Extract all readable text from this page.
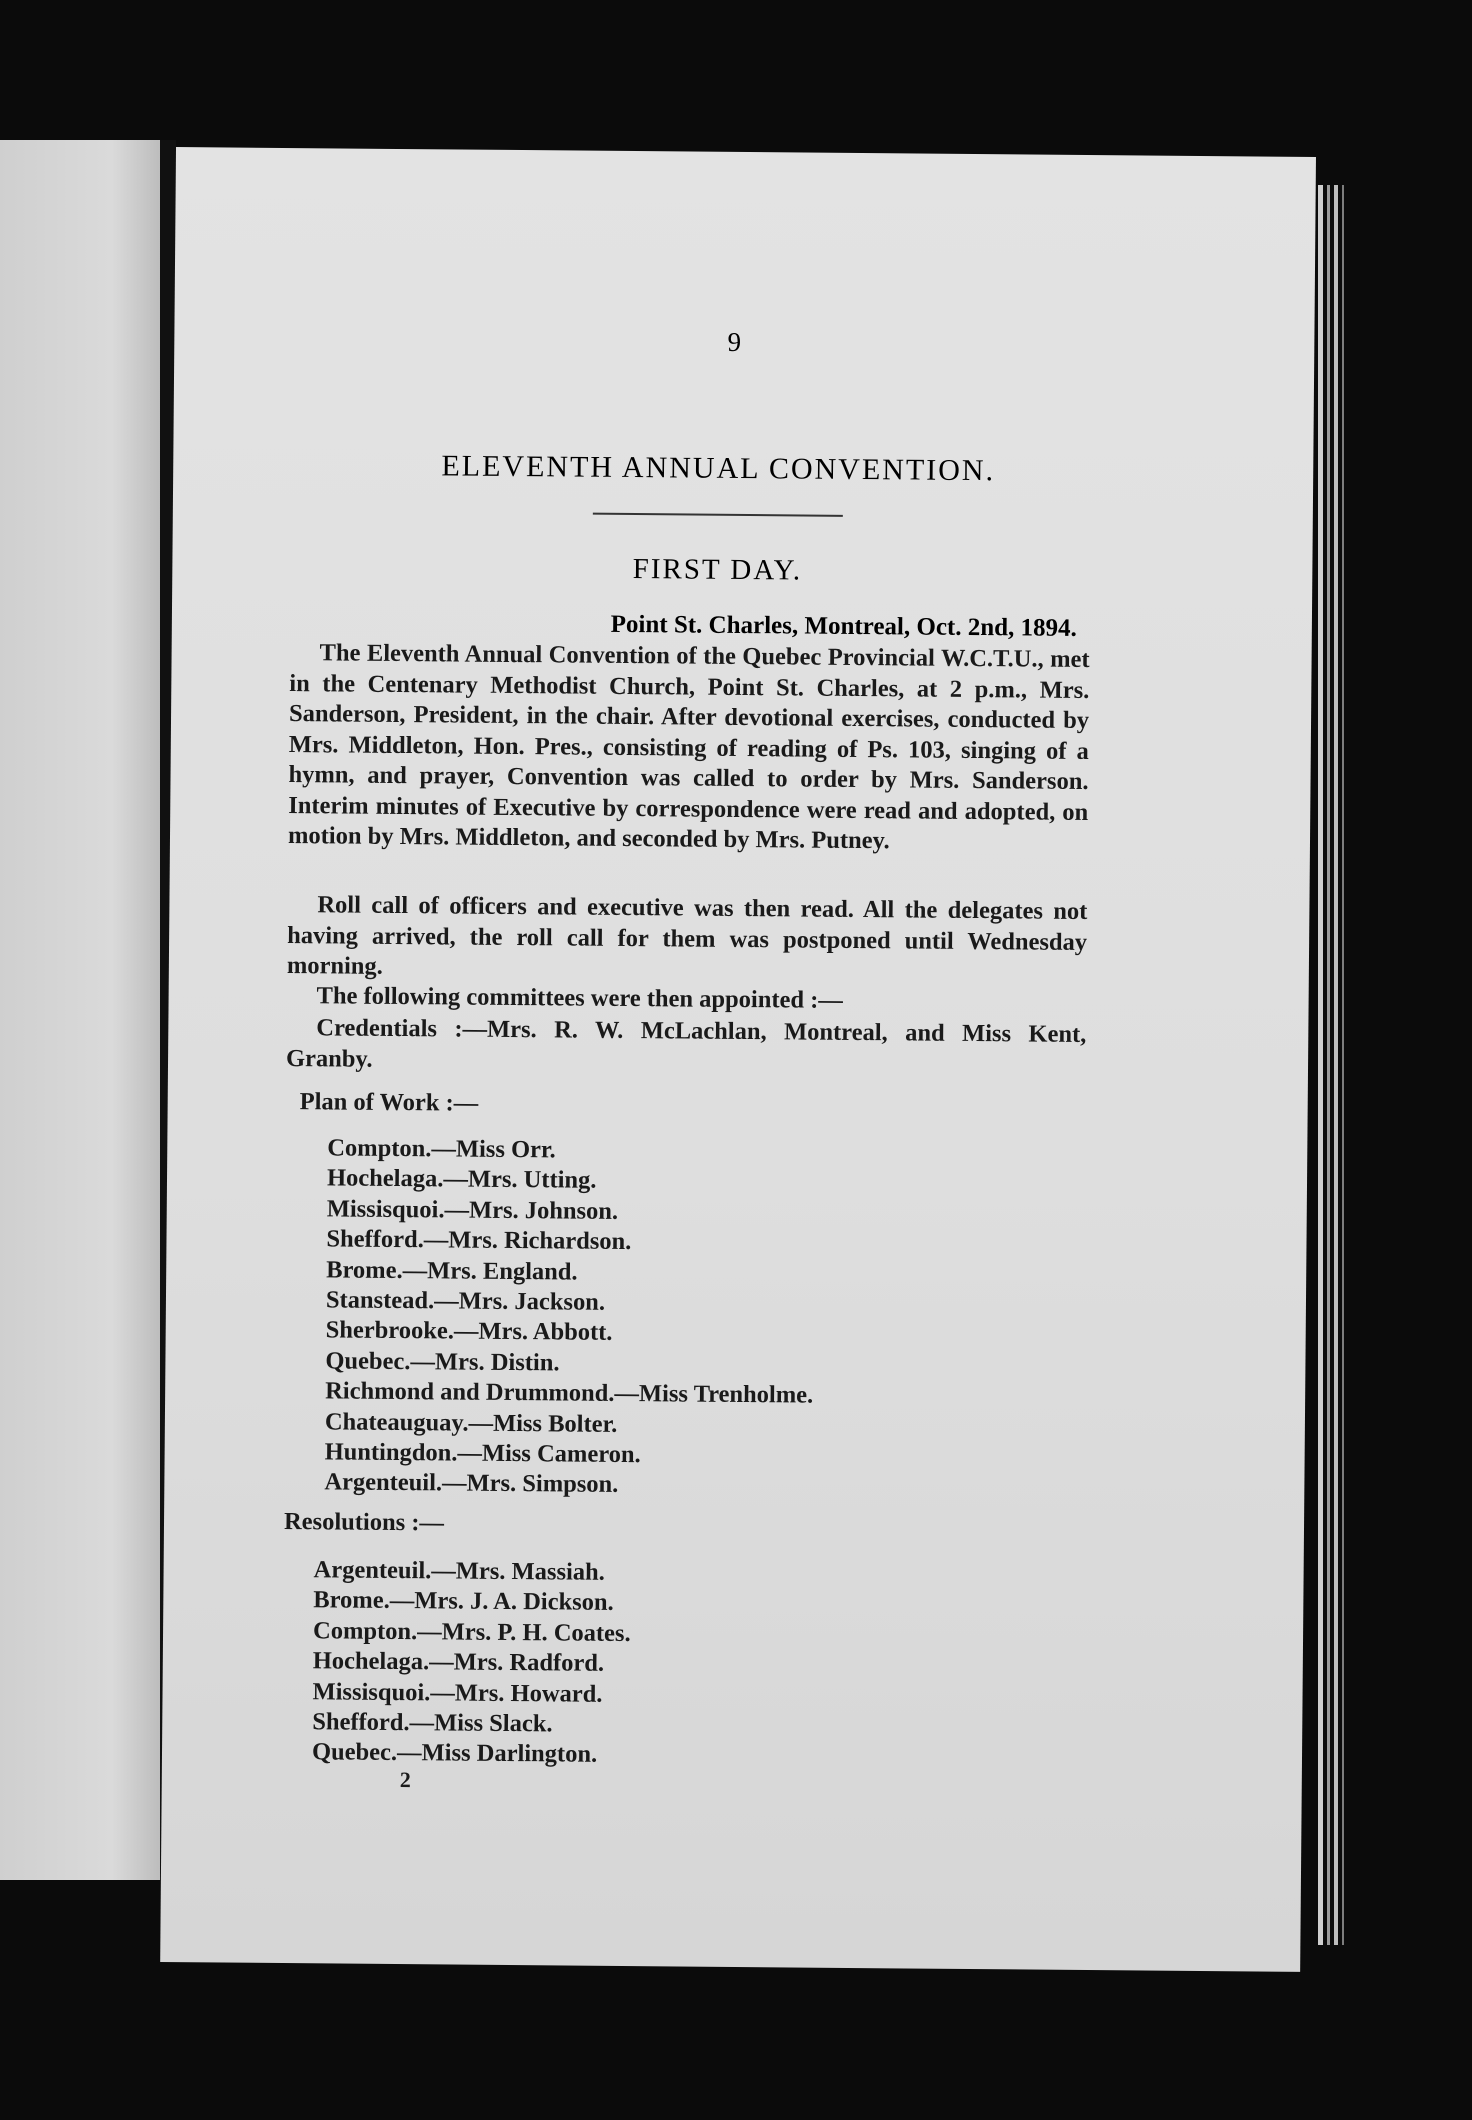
9
ELEVENTH ANNUAL CONVENTION.
FIRST DAY.
Point St. Charles, Montreal, Oct. 2nd, 1894.
The Eleventh Annual Convention of the Quebec Provincial W.C.T.U., met in the Centenary Methodist Church, Point St. Charles, at 2 p.m., Mrs. Sanderson, President, in the chair. After devotional exercises, conducted by Mrs. Middleton, Hon. Pres., consisting of reading of Ps. 103, singing of a hymn, and prayer, Convention was called to order by Mrs. Sanderson. Interim minutes of Executive by correspondence were read and adopted, on motion by Mrs. Middleton, and seconded by Mrs. Putney.
Roll call of officers and executive was then read. All the delegates not having arrived, the roll call for them was postponed until Wednesday morning.
The following committees were then appointed :—
Credentials :—Mrs. R. W. McLachlan, Montreal, and Miss Kent, Granby.
Plan of Work :—
Compton.—Miss Orr.
Hochelaga.—Mrs. Utting.
Missisquoi.—Mrs. Johnson.
Shefford.—Mrs. Richardson.
Brome.—Mrs. England.
Stanstead.—Mrs. Jackson.
Sherbrooke.—Mrs. Abbott.
Quebec.—Mrs. Distin.
Richmond and Drummond.—Miss Trenholme.
Chateauguay.—Miss Bolter.
Huntingdon.—Miss Cameron.
Argenteuil.—Mrs. Simpson.
Resolutions :—
Argenteuil.—Mrs. Massiah.
Brome.—Mrs. J. A. Dickson.
Compton.—Mrs. P. H. Coates.
Hochelaga.—Mrs. Radford.
Missisquoi.—Mrs. Howard.
Shefford.—Miss Slack.
Quebec.—Miss Darlington.
2
